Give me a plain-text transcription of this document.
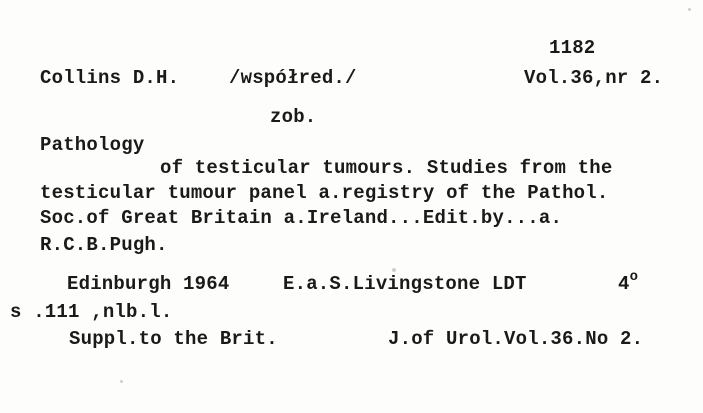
1182
Collins D.H.	/współred./	Vol.36,nr 2.
zob.
Pathology
of testicular tumours. Studies from the
testicular tumour panel a.registry of the Pathol.
Soc.of Great Britain a.Ireland...Edit.by...a.
R.C.B.Pugh.
Edinburgh 1964	E.a.S.Livingstone LDT	4$^o$
s .111 ,nlb.l.
Suppl.to the Brit.	J.of Urol.Vol.36.No 2.
